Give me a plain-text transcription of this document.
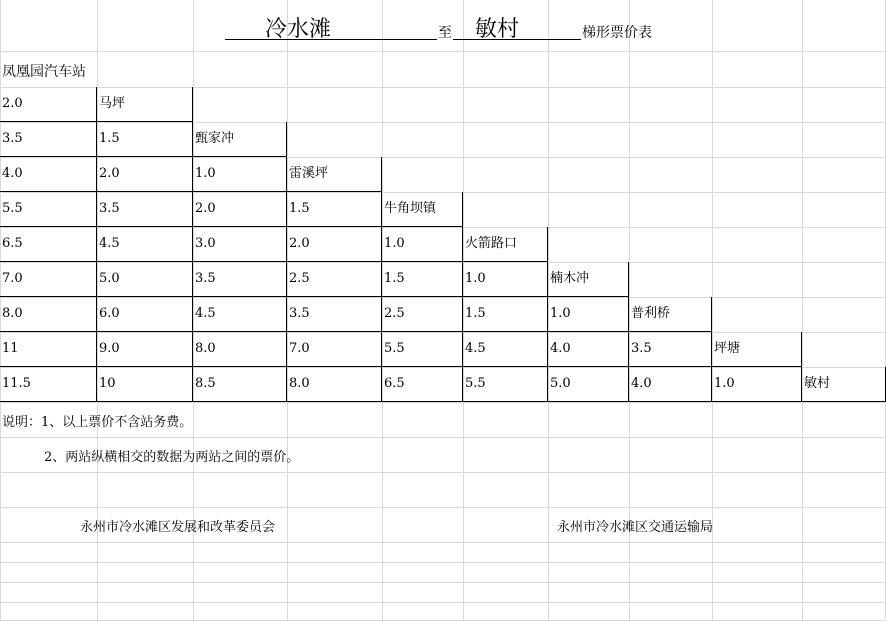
冷水滩	至 敏村	梯形票价表
凤凰园汽车站
2.0	马坪
3.5	1.5	甄家冲
4.0	2.0	1.0	雷溪坪
5.5	3.5	2.0	1.5	牛角坝镇
6.5	4.5	3.0	2.0	1.0	火箭路口
7.0	5.0	3.5	2.5	1.5	1.0	楠木冲
8.0	6.0	4.5	3.5	2.5	1.5	1.0	普利桥
11	9.0	8.0	7.0	5.5	4.5	4.0	3.5	坪塘
11.5	10	8.5	8.0	6.5	5.5	5.0	4.0	1.0	敏村
说明：1、以上票价不含站务费。
2、两站纵横相交的数据为两站之间的票价。
永州市冷水滩区发展和改革委员会	永州市冷水滩区交通运输局
